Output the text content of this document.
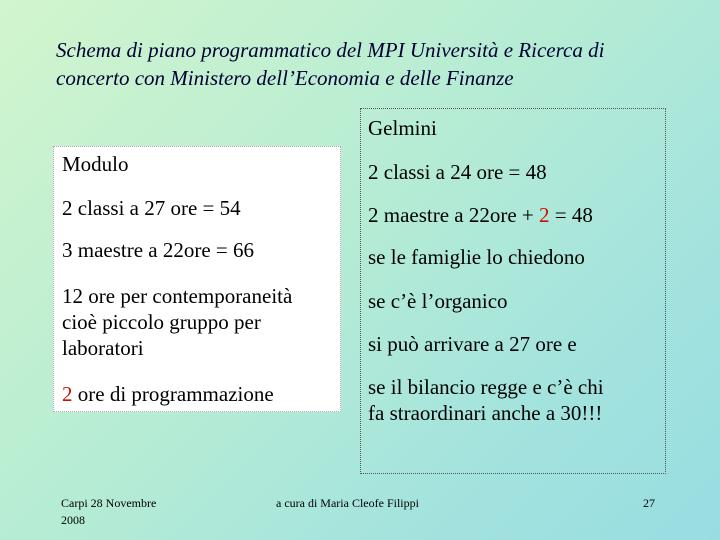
Schema di piano programmatico del MPI Università e Ricerca di
concerto con Ministero dell’Economia e delle Finanze
Modulo
2 classi a 27 ore = 54
3 maestre a 22ore = 66
12 ore per contemporaneità
cioè piccolo gruppo per
laboratori
2 ore di programmazione
Gelmini
2 classi a 24 ore = 48
2 maestre a 22ore + 2 = 48
se le famiglie lo chiedono
se c’è l’organico
si può arrivare a 27 ore e
se il bilancio regge e c’è chi
fa straordinari anche a 30!!!
Carpi 28 Novembre
2008
a cura di Maria Cleofe Filippi	27
